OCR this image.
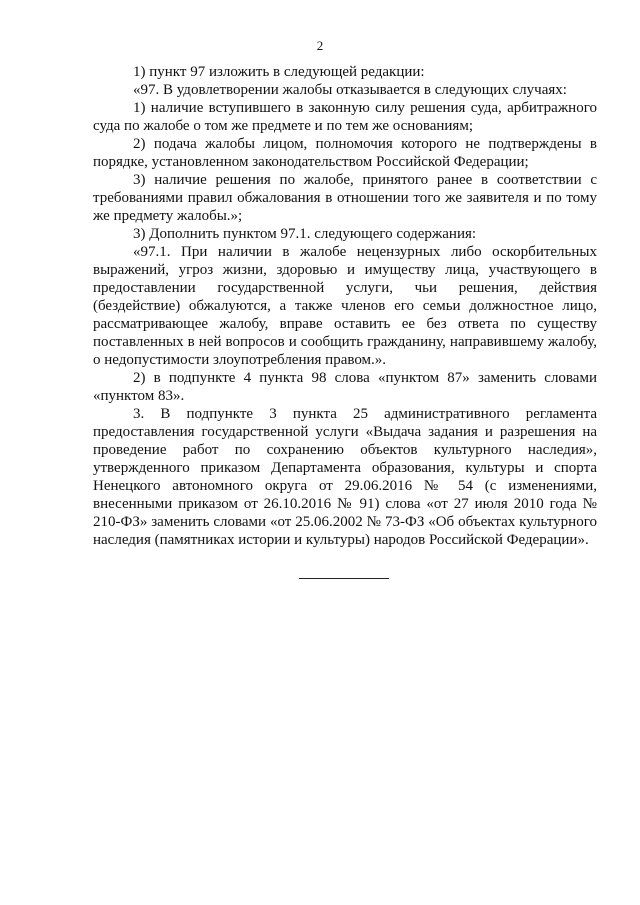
2

1) пункт 97 изложить в следующей редакции:

«97. В удовлетворении жалобы отказывается в следующих случаях:

1) наличие вступившего в законную силу решения суда, арбитражного суда по жалобе о том же предмете и по тем же основаниям;

2) подача жалобы лицом, полномочия которого не подтверждены в порядке, установленном законодательством Российской Федерации;

3) наличие решения по жалобе, принятого ранее в соответствии с требованиями правил обжалования в отношении того же заявителя и по тому же предмету жалобы.»;

3) Дополнить пунктом 97.1. следующего содержания:

«97.1. При наличии в жалобе нецензурных либо оскорбительных выражений, угроз жизни, здоровью и имуществу лица, участвующего в предоставлении государственной услуги, чьи решения, действия (бездействие) обжалуются, а также членов его семьи должностное лицо, рассматривающее жалобу, вправе оставить ее без ответа по существу поставленных в ней вопросов и сообщить гражданину, направившему жалобу, о недопустимости злоупотребления правом.».

2) в подпункте 4 пункта 98 слова «пунктом 87» заменить словами «пунктом 83».

3. В подпункте 3 пункта 25 административного регламента предоставления государственной услуги «Выдача задания и разрешения на проведение работ по сохранению объектов культурного наследия», утвержденного приказом Департамента образования, культуры и спорта Ненецкого автономного округа от 29.06.2016 № 54 (с изменениями, внесенными приказом от 26.10.2016 № 91) слова «от 27 июля 2010 года № 210-ФЗ» заменить словами «от 25.06.2002 № 73-ФЗ «Об объектах культурного наследия (памятниках истории и культуры) народов Российской Федерации».
